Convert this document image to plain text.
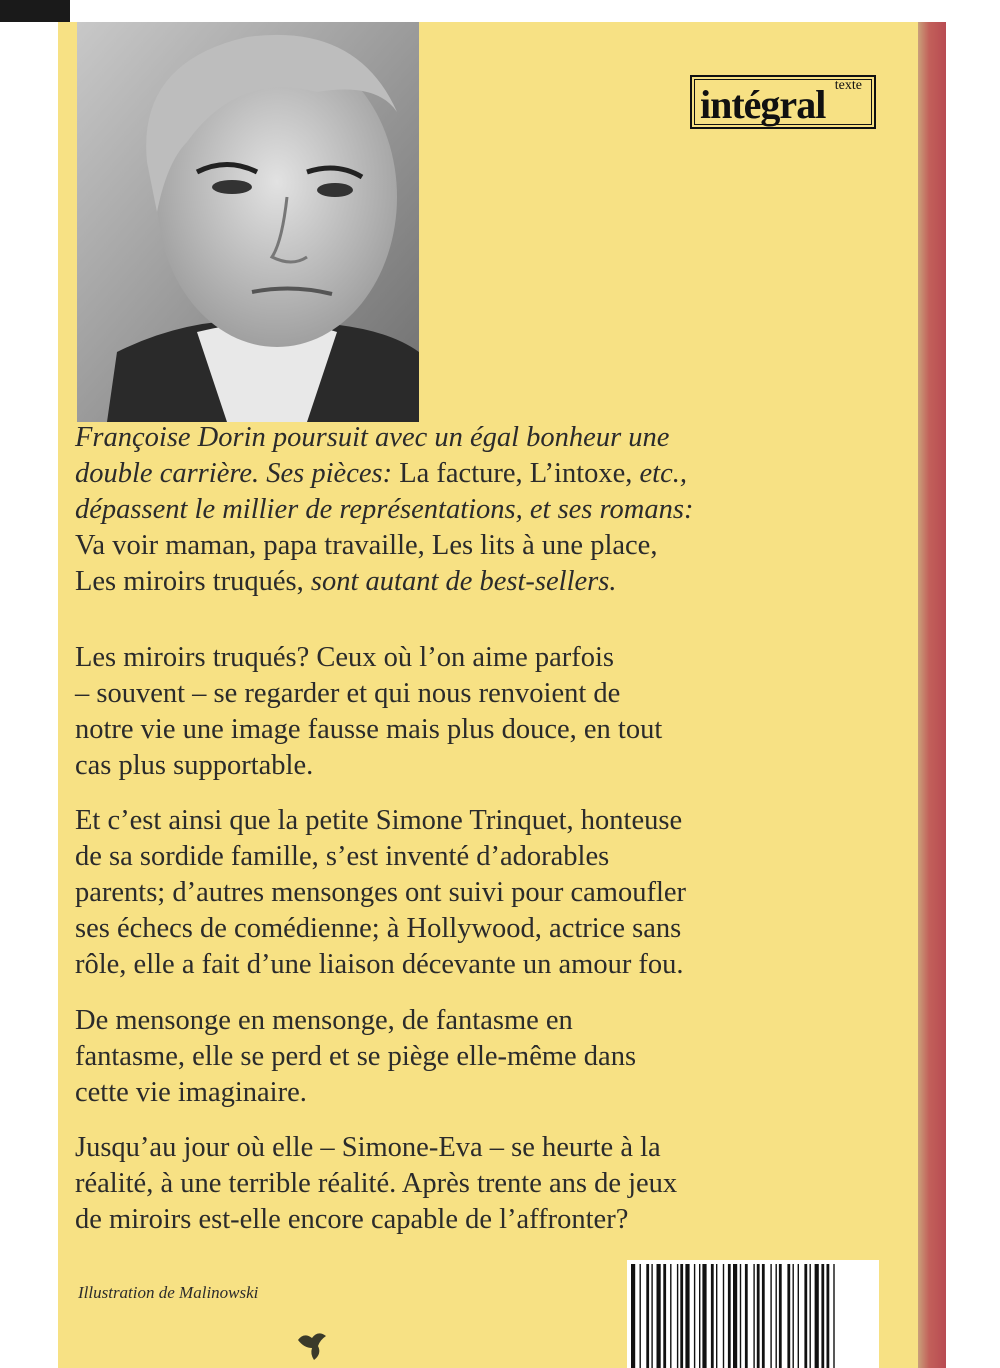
texte
intégral

Françoise Dorin poursuit avec un égal bonheur une

double carrière. Ses pièces: La facture, L’intoxe, etc.,

dépassent le millier de représentations, et ses romans:

Va voir maman, papa travaille, Les lits à une place,

Les miroirs truqués, sont autant de best-sellers.

Les miroirs truqués? Ceux où l’on aime parfois

– souvent – se regarder et qui nous renvoient de

notre vie une image fausse mais plus douce, en tout

cas plus supportable.

Et c’est ainsi que la petite Simone Trinquet, honteuse

de sa sordide famille, s’est inventé d’adorables

parents; d’autres mensonges ont suivi pour camoufler

ses échecs de comédienne; à Hollywood, actrice sans

rôle, elle a fait d’une liaison décevante un amour fou.

De mensonge en mensonge, de fantasme en

fantasme, elle se perd et se piège elle-même dans

cette vie imaginaire.

Jusqu’au jour où elle – Simone-Eva – se heurte à la

réalité, à une terrible réalité. Après trente ans de jeux

de miroirs est-elle encore capable de l’affronter?

Illustration de Malinowski
